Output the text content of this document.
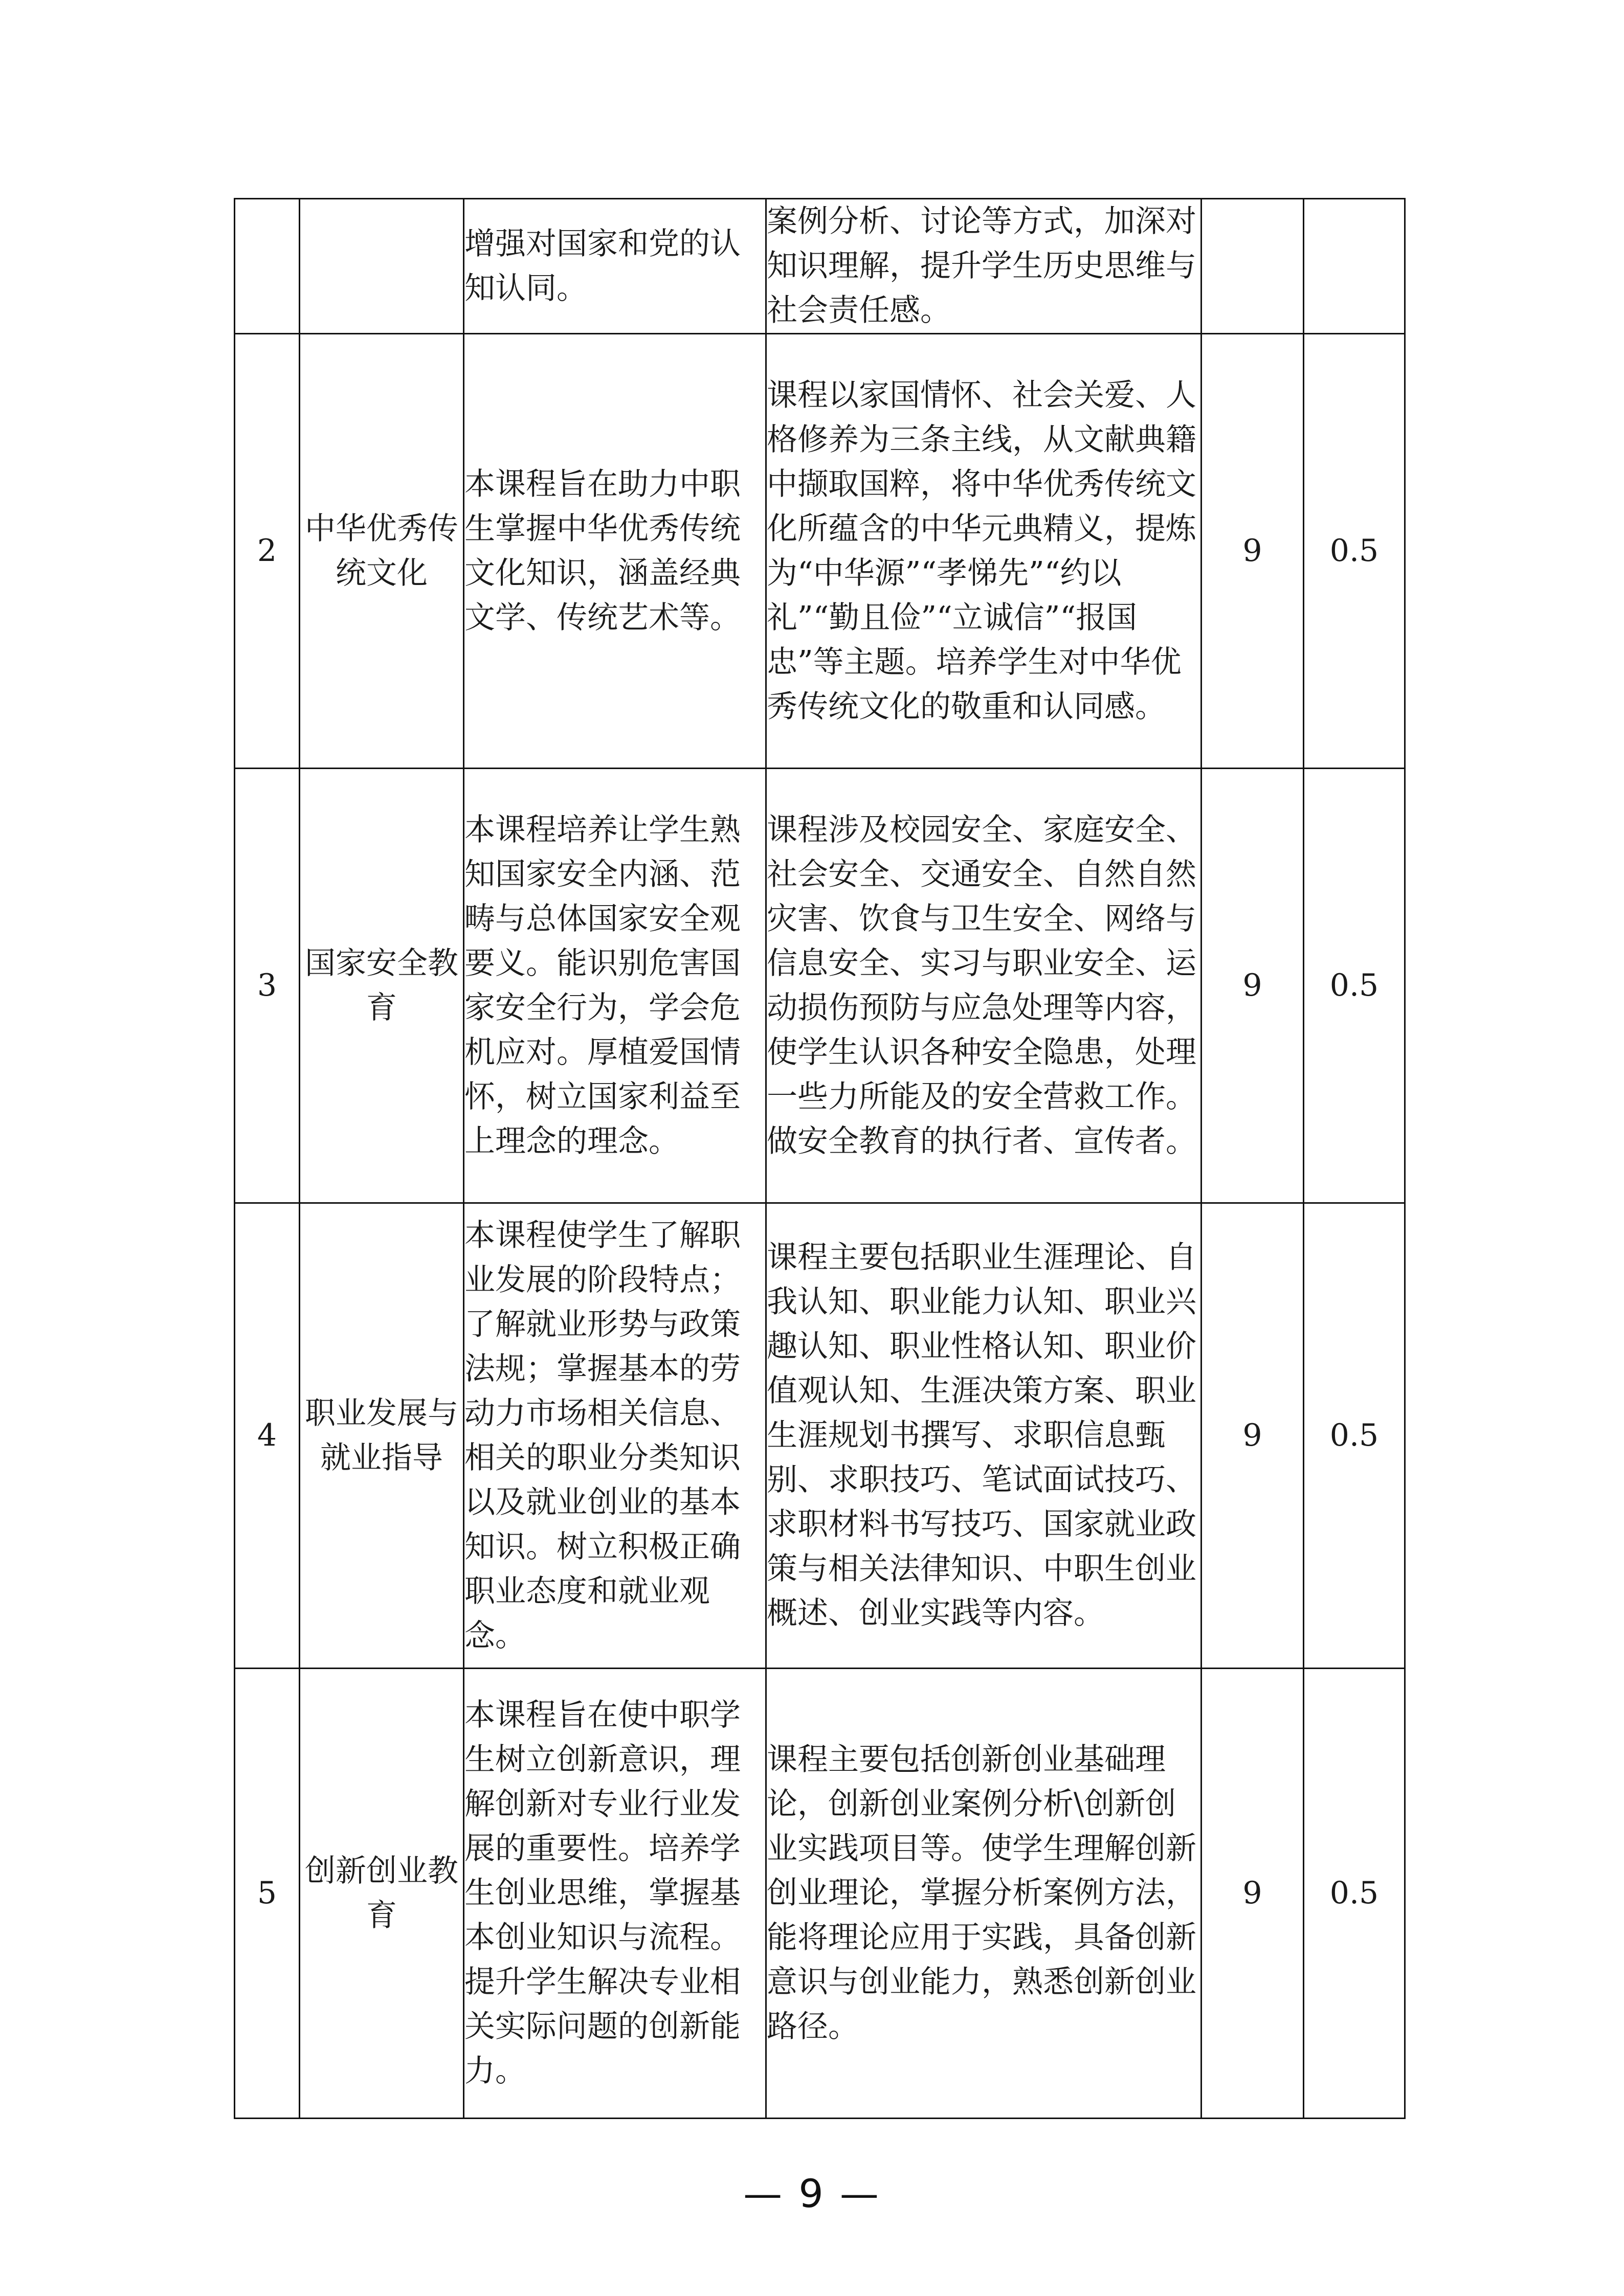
		增强对国家和党的认知认同。	案例分析、讨论等方式，加深对知识理解，提升学生历史思维与社会责任感。		
2	中华优秀传统文化	本课程旨在助力中职生掌握中华优秀传统文化知识，涵盖经典文学、传统艺术等。	课程以家国情怀、社会关爱、人格修养为三条主线，从文献典籍中撷取国粹，将中华优秀传统文化所蕴含的中华元典精义，提炼为“中华源”“孝悌先”“约以礼”“勤且俭”“立诚信”“报国忠”等主题。培养学生对中华优秀传统文化的敬重和认同感。	9	0.5
3	国家安全教育	本课程培养让学生熟知国家安全内涵、范畴与总体国家安全观要义。能识别危害国家安全行为，学会危机应对。厚植爱国情怀，树立国家利益至上理念的理念。	课程涉及校园安全、家庭安全、社会安全、交通安全、自然自然灾害、饮食与卫生安全、网络与信息安全、实习与职业安全、运动损伤预防与应急处理等内容，使学生认识各种安全隐患，处理一些力所能及的安全营救工作。做安全教育的执行者、宣传者。	9	0.5
4	职业发展与就业指导	本课程使学生了解职业发展的阶段特点；了解就业形势与政策法规；掌握基本的劳动力市场相关信息、相关的职业分类知识以及就业创业的基本知识。树立积极正确职业态度和就业观念。	课程主要包括职业生涯理论、自我认知、职业能力认知、职业兴趣认知、职业性格认知、职业价值观认知、生涯决策方案、职业生涯规划书撰写、求职信息甄别、求职技巧、笔试面试技巧、求职材料书写技巧、国家就业政策与相关法律知识、中职生创业概述、创业实践等内容。	9	0.5
5	创新创业教育	本课程旨在使中职学生树立创新意识，理解创新对专业行业发展的重要性。培养学生创业思维，掌握基本创业知识与流程。提升学生解决专业相关实际问题的创新能力。	课程主要包括创新创业基础理论，创新创业案例分析\创新创业实践项目等。使学生理解创新创业理论，掌握分析案例方法，能将理论应用于实践，具备创新意识与创业能力，熟悉创新创业路径。	9	0.5
— 9 —
